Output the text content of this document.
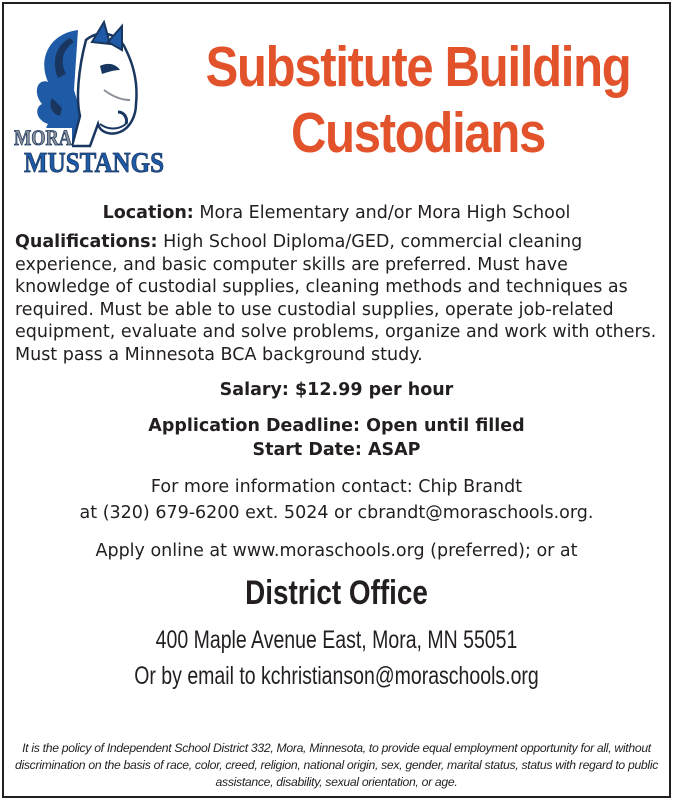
MORA
MUSTANGS
Substitute Building
Custodians
Location: Mora Elementary and/or Mora High School
Qualifications: High School Diploma/GED, commercial cleaning experience, and basic computer skills are preferred. Must have knowledge of custodial supplies, cleaning methods and techniques as required. Must be able to use custodial supplies, operate job-related equipment, evaluate and solve problems, organize and work with others. Must pass a Minnesota BCA background study.
Salary: $12.99 per hour
Application Deadline: Open until filled
Start Date: ASAP
For more information contact: Chip Brandt
at (320) 679-6200 ext. 5024 or cbrandt@moraschools.org.
Apply online at www.moraschools.org (preferred); or at
District Office
400 Maple Avenue East, Mora, MN 55051
Or by email to kchristianson@moraschools.org
It is the policy of Independent School District 332, Mora, Minnesota, to provide equal employment opportunity for all, without discrimination on the basis of race, color, creed, religion, national origin, sex, gender, marital status, status with regard to public assistance, disability, sexual orientation, or age.
